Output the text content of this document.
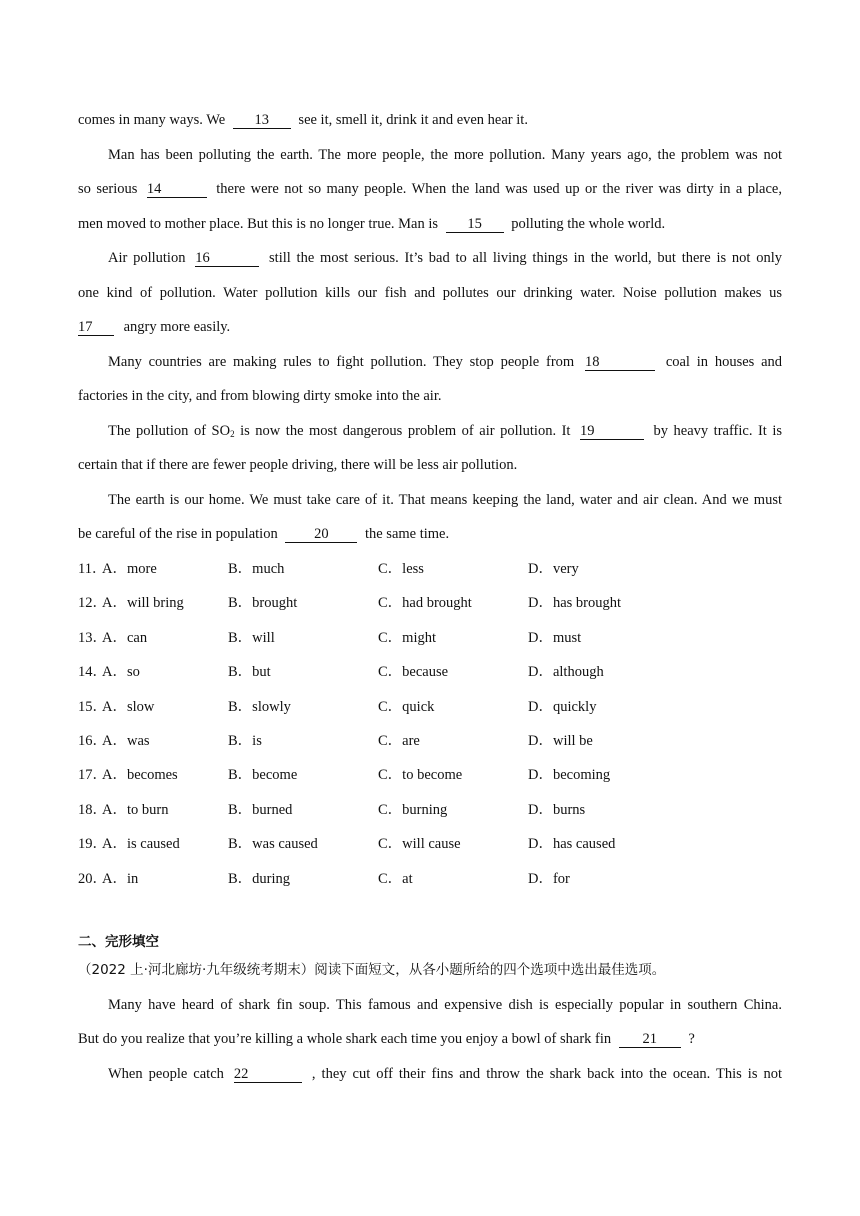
comes in many ways. We 13 see it, smell it, drink it and even hear it.
Man has been polluting the earth. The more people, the more pollution. Many years ago, the problem was not
so serious 14	there were not so many people. When the land was used up or the river was dirty in a place,
men moved to mother place. But this is no longer true. Man is 15 polluting the whole world.
Air pollution 16	still the most serious. It’s bad to all living things in the world, but there is not only
one kind of pollution. Water pollution kills our fish and pollutes our drinking water. Noise pollution makes us
17 angry more easily.
Many countries are making rules to fight pollution. They stop people from 18	coal in houses and
factories in the city, and from blowing dirty smoke into the air.
The pollution of $SO_2$ is now the most dangerous problem of air pollution. It 19	by heavy traffic. It is
certain that if there are fewer people driving, there will be less air pollution.
The earth is our home. We must take care of it. That means keeping the land, water and air clean. And we must
be careful of the rise in population	20	the same time.
11．
A．more	B．much	C．less	D．very
12．
A．will bring	B．brought	C．had brought	D．has brought
13．
A．can	B．will	C．might	D．must
14．
A．so	B．but	C．because	D．although
15．
A．slow	B．slowly	C．quick	D．quickly
16．
A．was	B．is	C．are	D．will be
17．
A．becomes	B．become	C．to become	D．becoming
18．
A．to burn	B．burned	C．burning	D．burns
19．
A．is caused	B．was caused	C．will cause	D．has caused
20．
A．in	B．during	C．at	D．for
二、完形填空
（2022 上·河北廊坊·九年级统考期末）阅读下面短文，从各小题所给的四个选项中选出最佳选项。
Many have heard of shark fin soup. This famous and expensive dish is especially popular in southern China.
But do you realize that you’re killing a whole shark each time you enjoy a bowl of shark fin 21 ?
When people catch 22	, they cut off their fins and throw the shark back into the ocean. This is not
